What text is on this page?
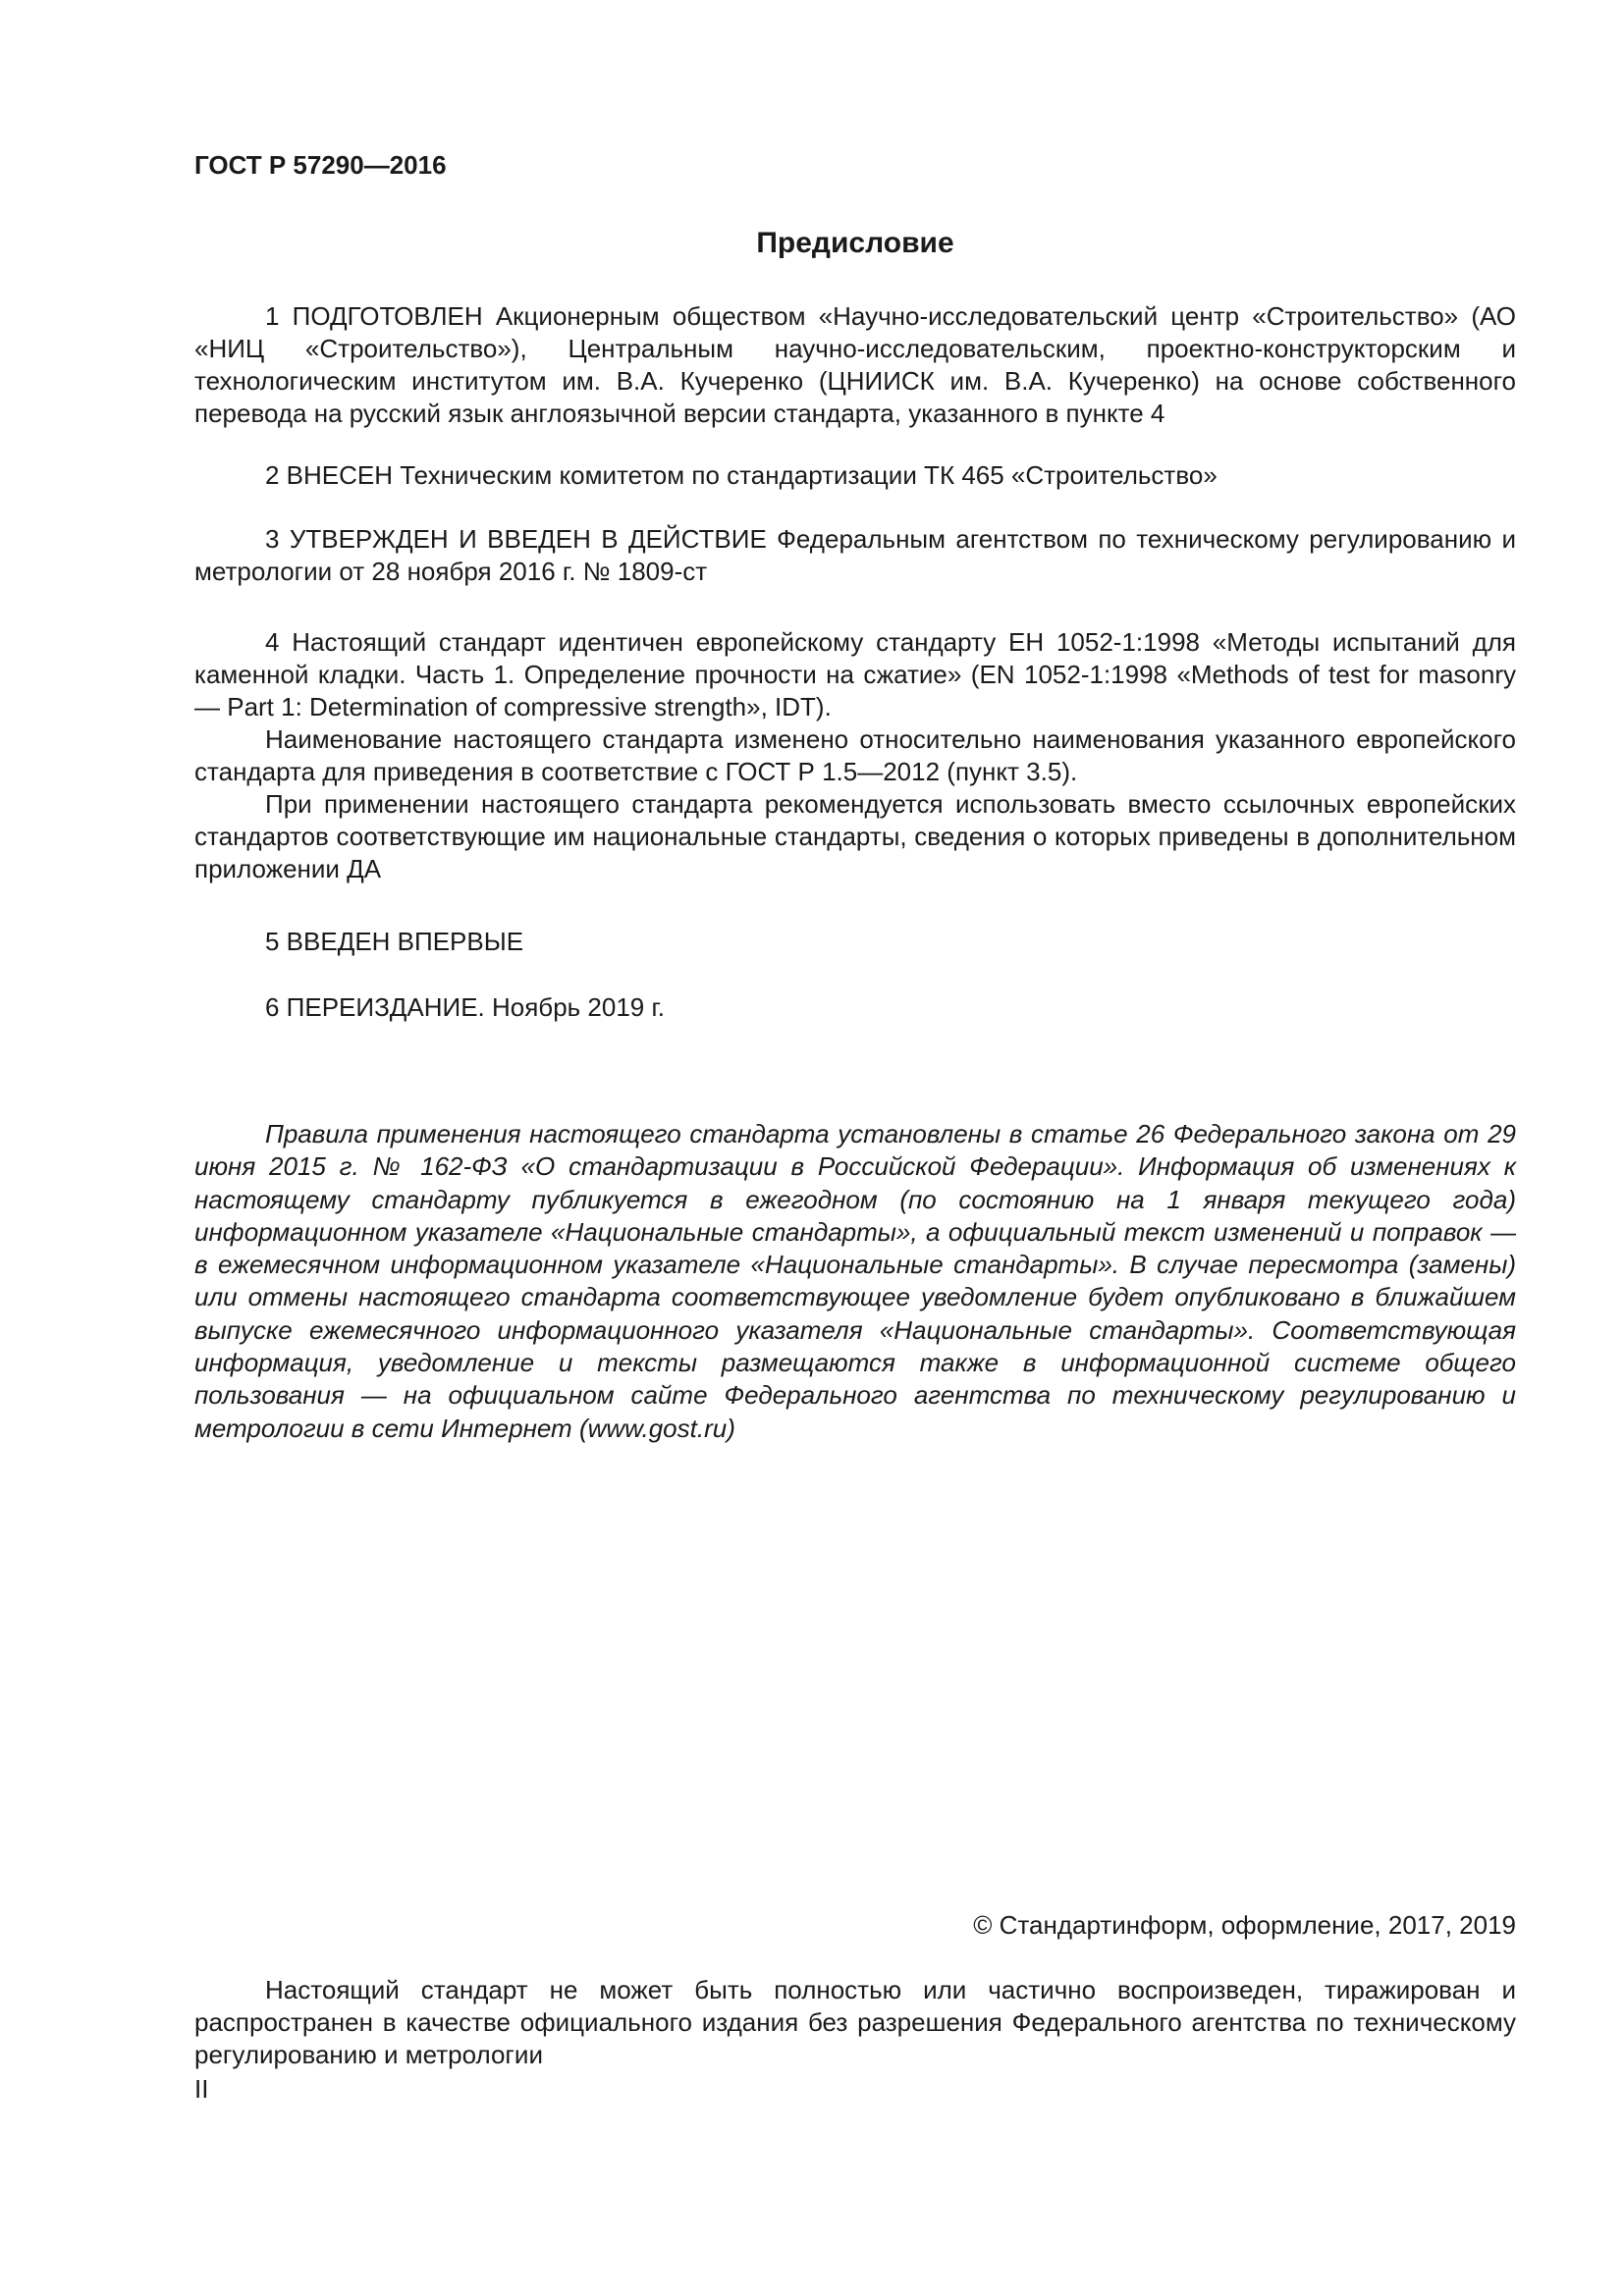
ГОСТ Р 57290—2016
Предисловие

1 ПОДГОТОВЛЕН Акционерным обществом «Научно-исследовательский центр «Строительство» (АО «НИЦ «Строительство»), Центральным научно-исследовательским, проектно-конструкторским и технологическим институтом им. В.А. Кучеренко (ЦНИИСК им. В.А. Кучеренко) на основе собственного перевода на русский язык англоязычной версии стандарта, указанного в пункте 4

2 ВНЕСЕН Техническим комитетом по стандартизации ТК 465 «Строительство»

3 УТВЕРЖДЕН И ВВЕДЕН В ДЕЙСТВИЕ Федеральным агентством по техническому регулированию и метрологии от 28 ноября 2016 г. № 1809-ст

4 Настоящий стандарт идентичен европейскому стандарту ЕН 1052-1:1998 «Методы испытаний для каменной кладки. Часть 1. Определение прочности на сжатие» (EN 1052-1:1998 «Methods of test for masonry — Part 1: Determination of compressive strength», IDT).

Наименование настоящего стандарта изменено относительно наименования указанного европейского стандарта для приведения в соответствие с ГОСТ Р 1.5—2012 (пункт 3.5).

При применении настоящего стандарта рекомендуется использовать вместо ссылочных европейских стандартов соответствующие им национальные стандарты, сведения о которых приведены в дополнительном приложении ДА

5 ВВЕДЕН ВПЕРВЫЕ

6 ПЕРЕИЗДАНИЕ. Ноябрь 2019 г.

Правила применения настоящего стандарта установлены в статье 26 Федерального закона от 29 июня 2015 г. № 162-ФЗ «О стандартизации в Российской Федерации». Информация об изменениях к настоящему стандарту публикуется в ежегодном (по состоянию на 1 января текущего года) информационном указателе «Национальные стандарты», а официальный текст изменений и поправок — в ежемесячном информационном указателе «Национальные стандарты». В случае пересмотра (замены) или отмены настоящего стандарта соответствующее уведомление будет опубликовано в ближайшем выпуске ежемесячного информационного указателя «Национальные стандарты». Соответствующая информация, уведомление и тексты размещаются также в информационной системе общего пользования — на официальном сайте Федерального агентства по техническому регулированию и метрологии в сети Интернет (www.gost.ru)

© Стандартинформ, оформление, 2017, 2019

Настоящий стандарт не может быть полностью или частично воспроизведен, тиражирован и распространен в качестве официального издания без разрешения Федерального агентства по техническому регулированию и метрологии

II
